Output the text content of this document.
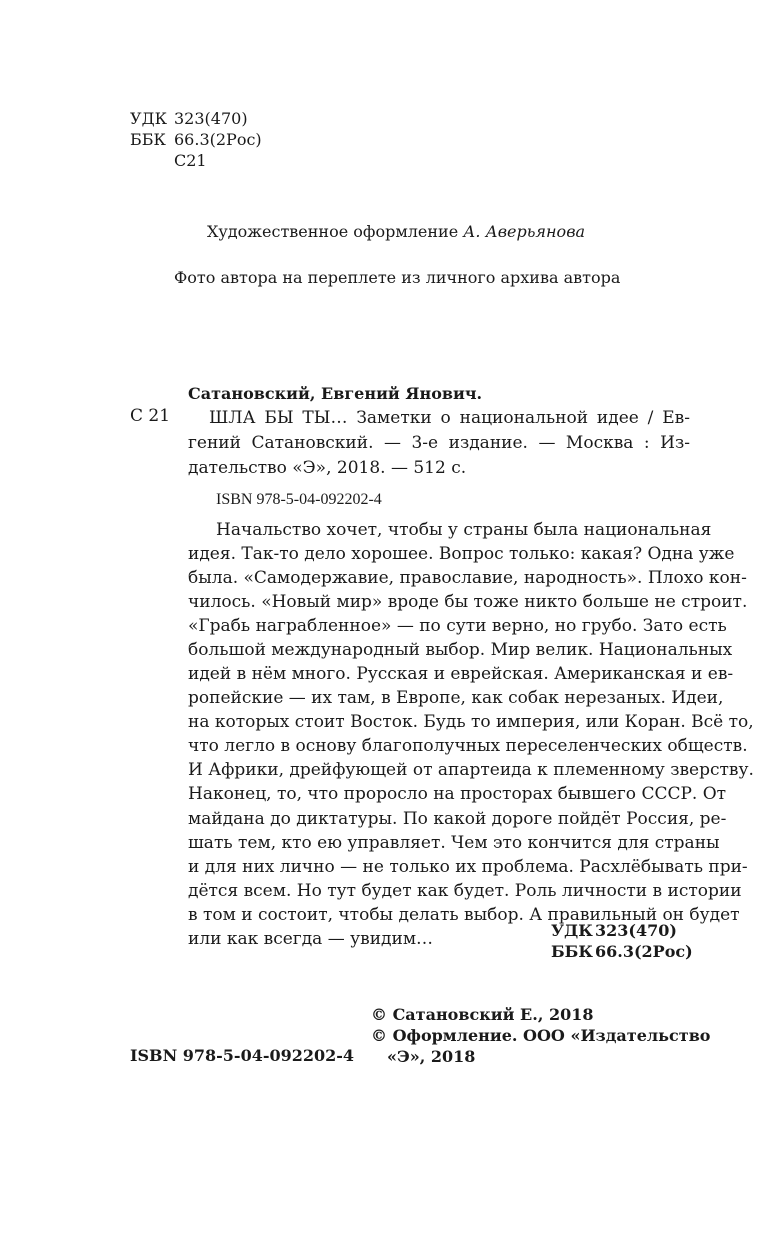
УДК 323(470)
ББК 66.3(2Рос)
С21
Художественное оформление А. Аверьянова
Фото автора на переплете из личного архива автора
Сатановский, Евгений Янович.
С 21 ШЛА БЫ ТЫ… Заметки о национальной идее / Ев-
гений Сатановский. — 3-е издание. — Москва : Из-
дательство «Э», 2018. — 512 с.
ISBN 978-5-04-092202-4
Начальство хочет, чтобы у страны была национальная
идея. Так-то дело хорошее. Вопрос только: какая? Одна уже
была. «Самодержавие, православие, народность». Плохо кон-
чилось. «Новый мир» вроде бы тоже никто больше не строит.
«Грабь награбленное» — по сути верно, но грубо. Зато есть
большой международный выбор. Мир велик. Национальных
идей в нём много. Русская и еврейская. Американская и ев-
ропейские — их там, в Европе, как собак нерезаных. Идеи,
на которых стоит Восток. Будь то империя, или Коран. Всё то,
что легло в основу благополучных переселенческих обществ.
И Африки, дрейфующей от апартеида к племенному зверству.
Наконец, то, что проросло на просторах бывшего СССР. От
майдана до диктатуры. По какой дороге пойдёт Россия, ре-
шать тем, кто ею управляет. Чем это кончится для страны
и для них лично — не только их проблема. Расхлёбывать при-
дётся всем. Но тут будет как будет. Роль личности в истории
в том и состоит, чтобы делать выбор. А правильный он будет
или как всегда — увидим…	УДК 323(470)
ББК 66.3(2Рос)
© Сатановский Е., 2018
© Оформление. ООО «Издательство
«Э», 2018
ISBN 978-5-04-092202-4
